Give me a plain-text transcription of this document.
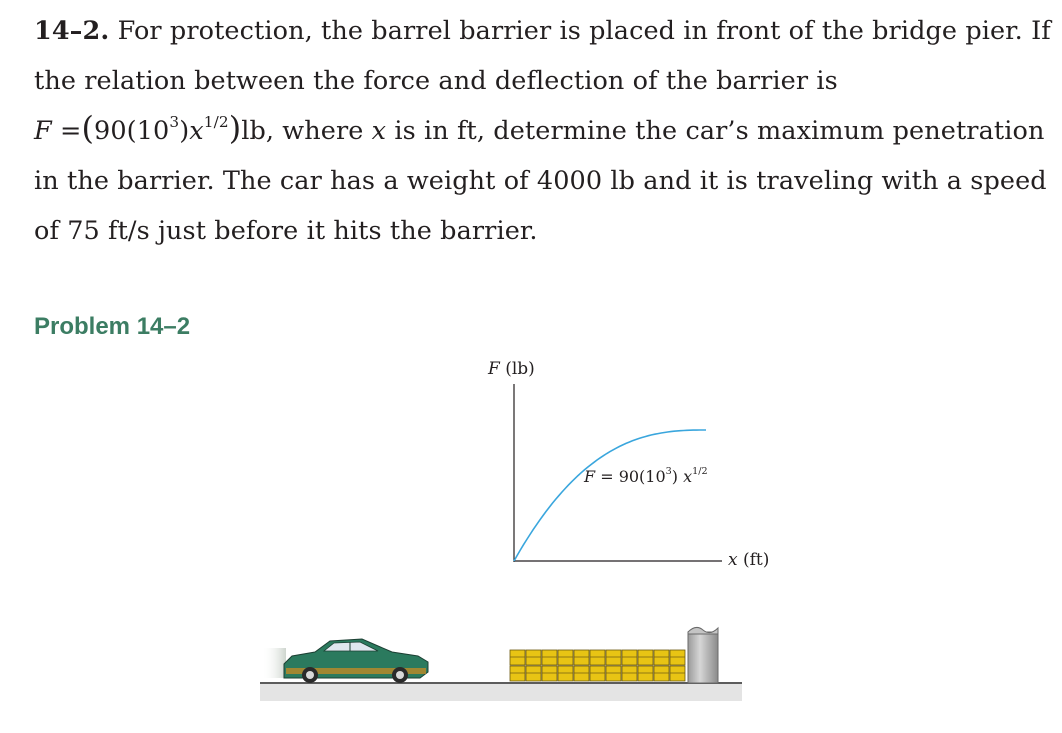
14–2. For protection, the barrel barrier is placed in front of the bridge pier. If
the relation between the force and deflection of the barrier is
$F =(90(10^3)x^{1/2})lb$, where x is in ft, determine the car’s maximum penetration
in the barrier. The car has a weight of 4000 lb and it is traveling with a speed
of 75 ft/s just before it hits the barrier.
Problem 14–2
F (lb)
x (ft)
$F = 90(10^3)$ $x^{1/2}$
